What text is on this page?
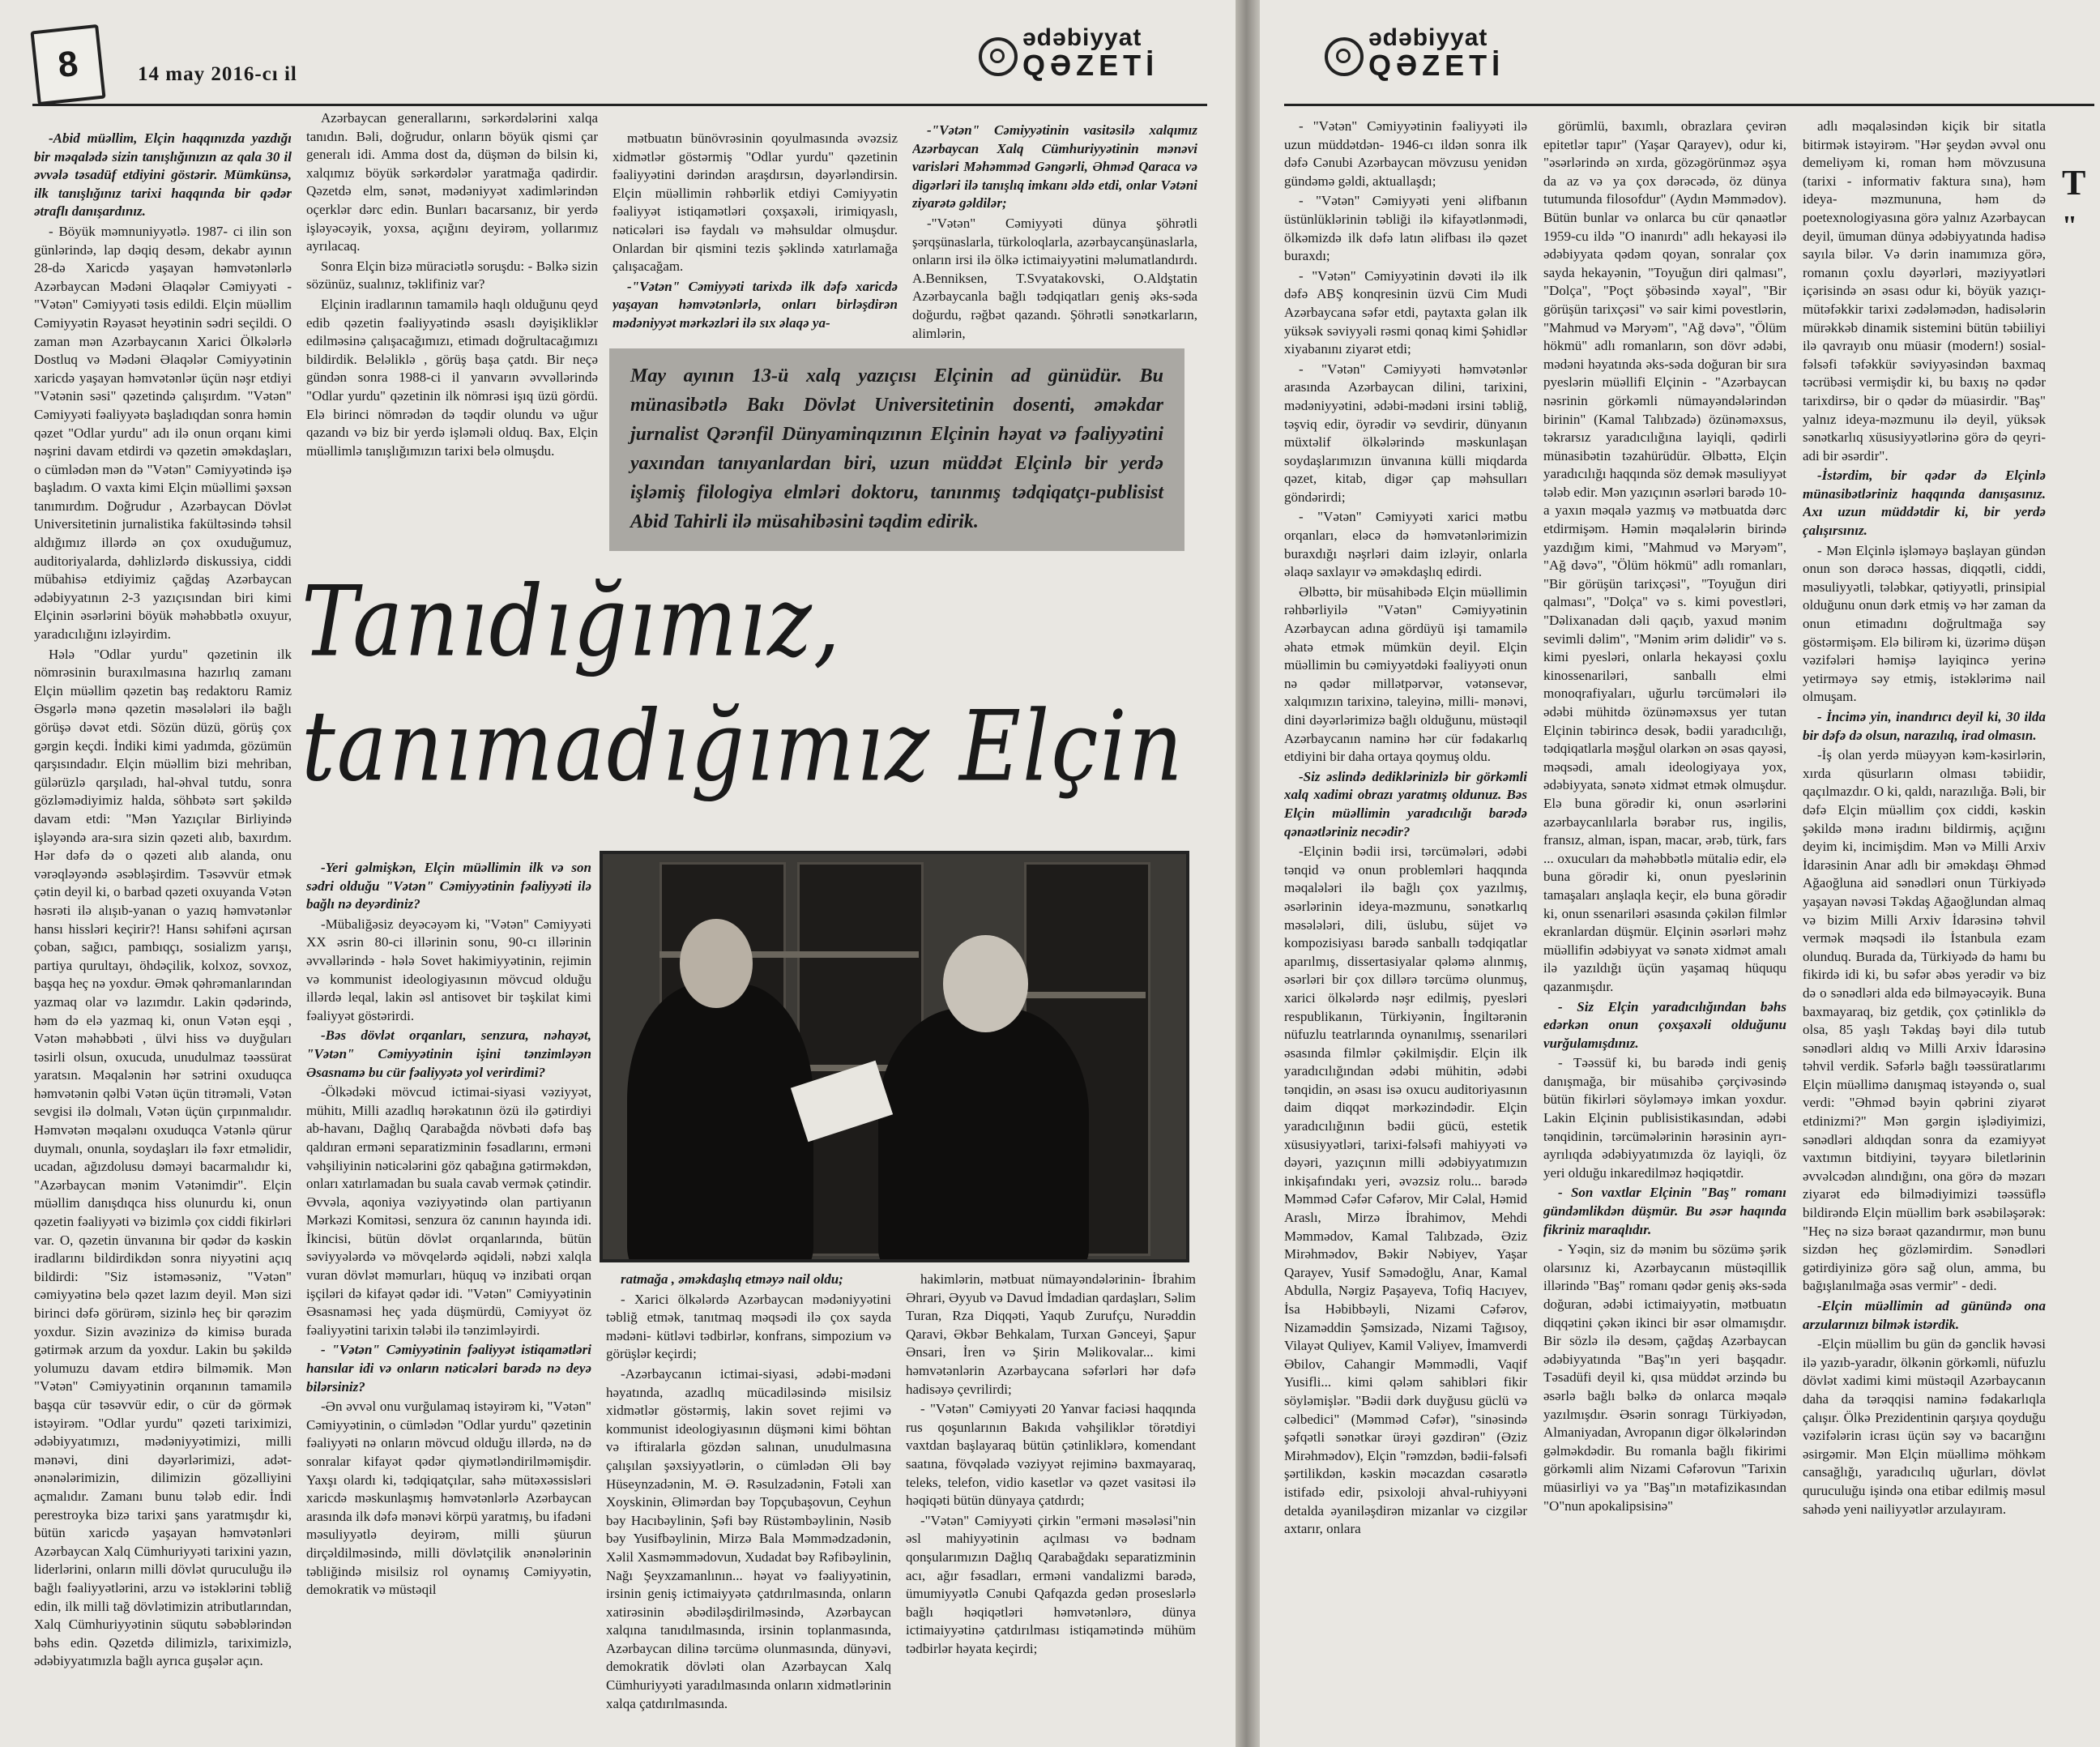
8	14 may 2016-cı il
ədəbiyyat
QƏZETİ

-Abid müəllim, Elçin haqqınızda yazdığı bir məqalədə sizin tanışlığınızın az qala 30 il əvvələ təsadüf etdiyini göstərir. Mümkünsə, ilk tanışlığınız tarixi haqqında bir qədər ətraflı danışardınız.

- Böyük məmnuniyyətlə. 1987- ci ilin son günlərində, lap dəqiq desəm, dekabr ayının 28-də Xaricdə yaşayan həmvətənlərlə Azərbaycan Mədəni Əlaqələr Cəmiyyəti - "Vətən" Cəmiyyəti təsis edildi. Elçin müəllim Cəmiyyətin Rəyasət heyətinin sədri seçildi. O zaman mən Azərbaycanın Xarici Ölkələrlə Dostluq və Mədəni Əlaqələr Cəmiyyətinin xaricdə yaşayan həmvətənlər üçün nəşr etdiyi "Vətənin səsi" qəzetində çalışırdım. "Vətən" Cəmiyyəti fəaliyyətə başladıqdan sonra həmin qəzet "Odlar yurdu" adı ilə onun orqanı kimi nəşrini davam etdirdi və qəzetin əməkdaşları, o cümlədən mən də "Vətən" Cəmiyyətində işə başladım. O vaxta kimi Elçin müəllimi şəxsən tanımırdım. Doğrudur , Azərbaycan Dövlət Universitetinin jurnalistika fakültəsində təhsil aldığımız illərdə ən çox oxuduğumuz, auditoriyalarda, dəhlizlərdə diskussiya, ciddi mübahisə etdiyimiz çağdaş Azərbaycan ədəbiyyatının 2-3 yazıçısından biri kimi Elçinin əsərlərini böyük məhəbbətlə oxuyur, yaradıcılığını izləyirdim.

Hələ "Odlar yurdu" qəzetinin ilk nömrəsinin buraxılmasına hazırlıq zamanı Elçin müəllim qəzetin baş redaktoru Ramiz Əsgərlə mənə qəzetin məsələləri ilə bağlı görüşə dəvət etdi. Sözün düzü, görüş çox gərgin keçdi. İndiki kimi yadımda, gözümün qarşısındadır. Elçin müəllim bizi mehriban, gülərüzlə qarşıladı, hal-əhval tutdu, sonra gözləmədiyimiz halda, söhbətə sərt şəkildə davam etdi: "Mən Yazıçılar Birliyində işləyəndə ara-sıra sizin qəzeti alıb, baxırdım. Hər dəfə də o qəzeti alıb alanda, onu vərəqləyəndə əsəbləşirdim. Təsəvvür etmək çətin deyil ki, o barbad qəzeti oxuyanda Vətən həsrəti ilə alışıb-yanan o yazıq həmvətənlər hansı hissləri keçirir?! Hansı səhifəni açırsan çoban, sağıcı, pambıqçı, sosializm yarışı, partiya qurultayı, öhdəçilik, kolxoz, sovxoz, başqa heç nə yoxdur. Əmək qəhrəmanlarından yazmaq olar və lazımdır. Lakin qədərində, həm də elə yazmaq ki, onun Vətən eşqi , Vətən məhəbbəti , ülvi hiss və duyğuları təsirli olsun, oxucuda, unudulmaz təəssürat yaratsın. Məqalənin hər sətrini oxuduqca həmvətənin qəlbi Vətən üçün titrəməli, Vətən sevgisi ilə dolmalı, Vətən üçün çırpınmalıdır. Həmvətən məqalənı oxuduqca Vətənlə qürur duymalı, onunla, soydaşları ilə fəxr etməlidir, ucadan, ağızdolusu dəməyi bacarmalıdır ki, "Azərbaycan mənim Vətənimdir". Elçin müəllim danışdıqca hiss olunurdu ki, onun qəzetin fəaliyyəti və bizimlə çox ciddi fikirləri var. O, qəzetin ünvanına bir qədər də kəskin iradlarını bildirdikdən sonra niyyətini açıq bildirdi: "Siz istəməsəniz, "Vətən" cəmiyyətinə belə qəzet lazım deyil. Mən sizi birinci dəfə görürəm, sizinlə heç bir qərəzim yoxdur. Sizin avəzinizə də kimisə burada gətirmək arzum da yoxdur. Lakin bu şəkildə yolumuzu davam etdirə bilməmik. Mən "Vətən" Cəmiyyətinin orqanının tamamilə başqa cür təsəvvür edir, o cür də görmək istəyirəm. "Odlar yurdu" qəzeti tariximizi, ədəbiyyatımızı, mədəniyyətimizi, milli mənəvi, dini dəyərlərimizi, adət-ənənələrimizin, dilimizin gözəlliyini açmalıdır. Zamanı bunu tələb edir. İndi perestroyka bizə tarixi şans yaratmışdır ki, bütün xaricdə yaşayan həmvətənləri Azərbaycan Xalq Cümhuriyyəti tarixini yazın, liderlərini, onların milli dövlət quruculuğu ilə bağlı fəaliyyətlərini, arzu və istəklərini təbliğ edin, ilk milli tağ dövlətimizin atributlarından, Xalq Cümhuriyyətinin süqutu səbəblərindən bəhs edin. Qəzetdə dilimizlə, tariximizlə, ədəbiyyatımızla bağlı ayrıca guşələr açın.

Azərbaycan generallarını, sərkərdələrini xalqa tanıdın. Bəli, doğrudur, onların böyük qismi çar generalı idi. Amma dost da, düşmən də bilsin ki, xalqımız böyük sərkərdələr yaratmağa qadirdir. Qəzetdə elm, sənət, mədəniyyət xadimlərindən oçerklər dərc edin. Bunları bacarsanız, bir yerdə işləyəcəyik, yoxsa, açığını deyirəm, yollarımız ayrılacaq.

Sonra Elçin bizə müraciətlə soruşdu: - Bəlkə sizin sözünüz, sualınız, təklifiniz var?

Elçinin iradlarının tamamilə haqlı olduğunu qeyd edib qəzetin fəaliyyətində əsaslı dəyişikliklər edilməsinə çalışacağımızı, etimadı doğrultacağımızı bildirdik. Beləliklə , görüş başa çatdı. Bir neçə gündən sonra 1988-ci il yanvarın əvvəllərində "Odlar yurdu" qəzetinin ilk nömrəsi işıq üzü gördü. Elə birinci nömrədən də təqdir olundu və uğur qazandı və biz bir yerdə işləməli olduq. Bax, Elçin müəllimlə tanışlığımızın tarixi belə olmuşdu.

mətbuatın bünövrəsinin qoyulmasında əvəzsiz xidmətlər göstərmiş "Odlar yurdu" qəzetinin fəaliyyətini dərindən araşdırsın, dəyərləndirsin. Elçin müəllimin rəhbərlik etdiyi Cəmiyyətin fəaliyyət istiqamətləri çoxşaxəli, irimiqyaslı, nəticələri isə faydalı və məhsuldar olmuşdur. Onlardan bir qismini tezis şəklində xatırlamağa çalışacağam.

-"Vətən" Cəmiyyəti tarixdə ilk dəfə xaricdə yaşayan həmvətənlərlə, onları birləşdirən mədəniyyət mərkəzləri ilə sıx əlaqə ya-

-"Vətən" Cəmiyyətinin vasitəsilə xalqımız Azərbaycan Xalq Cümhuriyyətinin mənəvi varisləri Məhəmməd Gəngərli, Əhməd Qaraca və digərləri ilə tanışlıq imkanı əldə etdi, onlar Vətəni ziyarətə gəldilər;

-"Vətən" Cəmiyyəti dünya şöhrətli şərqşünaslarla, türkoloqlarla, azərbaycanşünaslarla, onların irsi ilə ölkə ictimaiyyətini məlumatlandırdı. A.Benniksen, T.Svyatakovski, O.Aldştatin Azərbaycanla bağlı tədqiqatları geniş əks-səda doğurdu, rəğbət qazandı. Şöhrətli sənətkarların, alimlərin,

May ayının 13-ü xalq yazıçısı Elçinin ad günüdür. Bu münasibətlə Bakı Dövlət Universitetinin dosenti, əməkdar jurnalist Qərənfil Dünyaminqızının Elçinin həyat və fəaliyyətini yaxından tanıyanlardan biri, uzun müddət Elçinlə bir yerdə işləmiş filologiya elmləri doktoru, tanınmış tədqiqatçı-publisist Abid Tahirli ilə müsahibəsini təqdim edirik.
Tanıdığımız,
tanımadığımız Elçin

-Yeri gəlmişkən, Elçin müəllimin ilk və son sədri olduğu "Vətən" Cəmiyyətinin fəaliyyəti ilə bağlı nə deyərdiniz?

-Mübaliğəsiz deyəcəyəm ki, "Vətən" Cəmiyyəti XX əsrin 80-ci illərinin sonu, 90-cı illərinin əvvəllərində - hələ Sovet hakimiyyətinin, rejimin və kommunist ideologiyasının mövcud olduğu illərdə leqal, lakin əsl antisovet bir təşkilat kimi fəaliyyət göstərirdi.

-Bəs dövlət orqanları, senzura, nəhayət, "Vətən" Cəmiyyətinin işini tənzimləyən Əsasnamə bu cür fəaliyyətə yol verirdimi?

-Ölkədəki mövcud ictimai-siyasi vəziyyət, mühitı, Milli azadlıq hərəkatının özü ilə gətirdiyi ab-havanı, Dağlıq Qarabağda növbəti dəfə baş qaldıran erməni separatizminin fəsadlarını, erməni vəhşiliyinin nəticələrini göz qabağına gətirməkdən, onları xatırlamadan bu suala cavab vermək çətindir. Əvvəla, aqoniya vəziyyətində olan partiyanın Mərkəzi Komitəsi, senzura öz canının hayında idi. İkincisi, bütün dövlət orqanlarında, bütün səviyyələrdə və mövqelərdə əqidəli, nəbzi xalqla vuran dövlət məmurları, hüquq və inzibati orqan işçiləri də kifayət qədər idi. "Vətən" Cəmiyyətinin Əsasnaməsi heç yada düşmürdü, Cəmiyyət öz fəaliyyətini tarixin tələbi ilə tənzimləyirdi.

- "Vətən" Cəmiyyətinin fəaliyyət istiqamətləri hansılar idi və onların nəticələri barədə nə deyə bilərsiniz?

-Ən əvvəl onu vurğulamaq istəyirəm ki, "Vətən" Cəmiyyətinin, o cümlədən "Odlar yurdu" qəzetinin fəaliyyəti nə onların mövcud olduğu illərdə, nə də sonralar kifayət qədər qiymətləndirilməmişdir. Yaxşı olardı ki, tədqiqatçılar, sahə mütəxəssisləri xaricdə məskunlaşmış həmvətənlərlə Azərbaycan arasında ilk dəfə mənəvi körpü yaratmış, bu ifadəni məsuliyyətlə deyirəm, milli şüurun dirçəldilməsində, milli dövlətçilik ənənələrinin təbliğində misilsiz rol oynamış Cəmiyyətin, demokratik və müstəqil

ratmağa , əməkdaşlıq etməyə nail oldu;

- Xarici ölkələrdə Azərbaycan mədəniyyətini təbliğ etmək, tanıtmaq məqsədi ilə çox sayda mədəni- kütləvi tədbirlər, konfrans, simpozium və görüşlər keçirdi;

-Azərbaycanın ictimai-siyasi, ədəbi-mədəni həyatında, azadlıq mücadiləsində misilsiz xidmətlər göstərmiş, lakin sovet rejimi və kommunist ideologiyasının düşməni kimi böhtan və iftiralarla gözdən salınan, unudulmasına çalışılan şəxsiyyətlərin, o cümlədən Əli bəy Hüseynzadənin, M. Ə. Rəsulzadənin, Fətəli xan Xoyskinin, Əlimərdan bəy Topçubaşovun, Ceyhun bəy Hacıbəylinin, Şəfi bəy Rüstəmbəylinin, Nəsib bəy Yusifbəylinin, Mirzə Bala Məmmədzadənin, Xəlil Xasməmmədovun, Xudadat bəy Rəfibəylinin, Nağı Şeyxzamanlının... həyat və fəaliyyətinin, irsinin geniş ictimaiyyətə çatdırılmasında, onların xatirəsinin əbədiləşdirilməsində, Azərbaycan xalqına tanıdılmasında, irsinin toplanmasında, Azərbaycan dilinə tərcümə olunmasında, dünyəvi, demokratik dövləti olan Azərbaycan Xalq Cümhuriyyəti yaradılmasında onların xidmətlərinin xalqa çatdırılmasında.

hakimlərin, mətbuat nümayəndələrinin- İbrahim Əhrari, Əyyub və Davud İmdadian qardaşları, Səlim Turan, Rza Diqqəti, Yaqub Zurufçu, Nurəddin Qaravi, Əkbər Behkalam, Turxan Gənceyi, Şapur Ənsari, İren və Şirin Məlikovalar... kimi həmvətənlərin Azərbaycana səfərləri hər dəfə hadisəyə çevrilirdi;

- "Vətən" Cəmiyyəti 20 Yanvar faciəsi haqqında rus qoşunlarının Bakıda vəhşiliklər törətdiyi vaxtdan başlayaraq bütün çətinliklərə, komendant saatına, fövqəladə vəziyyət rejiminə baxmayaraq, teleks, telefon, vidio kasetlər və qəzet vasitəsi ilə həqiqəti bütün dünyaya çatdırdı;

-"Vətən" Cəmiyyəti çirkin "erməni məsələsi"nin əsl mahiyyətinin açılması və bədnam qonşularımızın Dağlıq Qarabağdakı separatizminin acı, ağır fəsadları, erməni vandalizmi barədə, ümumiyyətlə Cənubi Qafqazda gedən proseslərlə bağlı həqiqətləri həmvətənlərə, dünya ictimaiyyətinə çatdırılması istiqamətində mühüm tədbirlər həyata keçirdi;

ədəbiyyat
QƏZETİ

- "Vətən" Cəmiyyətinin fəaliyyəti ilə uzun müddətdən- 1946-cı ildən sonra ilk dəfə Cənubi Azərbaycan mövzusu yenidən gündəmə gəldi, aktuallaşdı;

- "Vətən" Cəmiyyəti yeni əlifbanın üstünlüklərinin təbliği ilə kifayətlənmədi, ölkəmizdə ilk dəfə latın əlifbası ilə qəzet buraxdı;

- "Vətən" Cəmiyyətinin dəvəti ilə ilk dəfə ABŞ konqresinin üzvü Cim Mudi Azərbaycana səfər etdi, paytaxta gəlan ilk yüksək səviyyəli rəsmi qonaq kimi Şəhidlər xiyabanını ziyarət etdi;

- "Vətən" Cəmiyyəti həmvətənlər arasında Azərbaycan dilini, tarixini, mədəniyyətini, ədəbi-mədəni irsini təbliğ, təşviq edir, öyrədir və sevdirir, dünyanın müxtəlif ölkələrində məskunlaşan soydaşlarımızın ünvanına külli miqdarda qəzet, kitab, digər çap məhsulları göndərirdi;

- "Vətən" Cəmiyyəti xarici mətbu orqanları, eləcə də həmvətənlərimizin buraxdığı nəşrləri daim izləyir, onlarla əlaqə saxlayır və əməkdaşlıq edirdi.

Əlbəttə, bir müsahibədə Elçin müəllimin rəhbərliyilə "Vətən" Cəmiyyətinin Azərbaycan adına gördüyü işi tamamilə əhatə etmək mümkün deyil. Elçin müəllimin bu cəmiyyətdəki fəaliyyəti onun nə qədər millətpərvər, vətənsevər, xalqımızın tarixinə, taleyinə, milli- mənəvi, dini dəyərlərimizə bağlı olduğunu, müstəqil Azərbaycanın naminə hər cür fədakarlıq etdiyini bir daha ortaya qoymuş oldu.

-Siz əslində dediklərinizlə bir görkəmli xalq xadimi obrazı yaratmış oldunuz. Bəs Elçin müəllimin yaradıcılığı barədə qənaətləriniz necədir?

-Elçinin bədii irsi, tərcümələri, ədəbi tənqid və onun problemləri haqqında məqalələri ilə bağlı çox yazılmış, əsərlərinin ideya-məzmunu, sənətkarlıq məsələləri, dili, üslubu, süjet və kompozisiyası barədə sanballı tədqiqatlar aparılmış, dissertasiyalar qələmə alınmış, əsərləri bir çox dillərə tərcümə olunmuş, xarici ölkələrdə nəşr edilmiş, pyesləri respublikanın, Türkiyənin, İngiltərənin nüfuzlu teatrlarında oynanılmış, ssenariləri əsasında filmlər çəkilmişdir. Elçin ilk yaradıcılığından ədəbi mühitin, ədəbi tənqidin, ən əsası isə oxucu auditoriyasının daim diqqət mərkəzindədir. Elçin yaradıcılığının bədii gücü, estetik xüsusiyyətləri, tarixi-fəlsəfi mahiyyəti və dəyəri, yazıçının milli ədəbiyyatımızın inkişafındakı yeri, əvəzsiz rolu... barədə Məmməd Cəfər Cəfərov, Mir Cəlal, Həmid Araslı, Mirzə İbrahimov, Mehdi Məmmədov, Kamal Talıbzadə, Əziz Mirəhmədov, Bəkir Nəbiyev, Yaşar Qarayev, Yusif Səmədoğlu, Anar, Kamal Abdulla, Nərgiz Paşayeva, Tofiq Hacıyev, İsa Həbibbəyli, Nizami Cəfərov, Nizaməddin Şəmsizadə, Nizami Tağısoy, Vilayət Quliyev, Kamil Vəliyev, İmamverdi Əbilov, Cahangir Məmmədli, Vaqif Yusifli... kimi qələm sahibləri fikir söyləmişlər. "Bədii dərk duyğusu güclü və cəlbedici" (Məmməd Cəfər), "sinəsində şəfqətli sənətkar ürəyi gəzdirən" (Əziz Mirəhmədov), Elçin "rəmzdən, bədii-fəlsəfi şərtilikdən, kəskin məcazdan cəsarətlə istifadə edir, psixoloji ahval-ruhiyyəni detalda əyaniləşdirən mizanlar və cizgilər axtarır, onlara

görümlü, baxımlı, obrazlara çevirən epitetlər tapır" (Yaşar Qarayev), odur ki, "əsərlərində ən xırda, gözəgörünməz əşya da az və ya çox dərəcədə, öz dünya tutumunda filosofdur" (Aydın Məmmədov). Bütün bunlar və onlarca bu cür qənaətlər 1959-cu ildə "O inanırdı" adlı hekayəsi ilə ədəbiyyata qədəm qoyan, sonralar çox sayda hekayənin, "Toyuğun diri qalması", "Dolça", "Poçt şöbəsində xəyal", "Bir görüşün tarixçəsi" və sair kimi povestlərin, "Mahmud və Məryəm", "Ağ dəvə", "Ölüm hökmü" adlı romanların, son dövr ədəbi, mədəni həyatında əks-səda doğuran bir sıra pyeslərin müəllifi Elçinin - "Azərbaycan nəsrinin görkəmli nümayəndələrindən birinin" (Kamal Talıbzadə) özünəməxsus, təkrarsız yaradıcılığına layiqli, qədirli münasibətin təzahürüdür. Əlbəttə, Elçin yaradıcılığı haqqında söz demək məsuliyyət tələb edir. Mən yazıçının əsərləri barədə 10-a yaxın məqalə yazmış və mətbuatda dərc etdirmişəm. Həmin məqalələrin birində yazdığım kimi, "Mahmud və Məryəm", "Ağ dəvə", "Ölüm hökmü" adlı romanları, "Bir görüşün tarixçəsi", "Toyuğun diri qalması", "Dolça" və s. kimi povestləri, "Dəlixanadan dəli qaçıb, yaxud mənim sevimli dəlim", "Mənim ərim dəlidir" və s. kimi pyesləri, onlarla hekayəsi çoxlu kinossenariləri, sanballı elmi monoqrafiyaları, uğurlu tərcümələri ilə ədəbi mühitdə özünəməxsus yer tutan Elçinin təbirincə desək, bədii yaradıcılığı, tədqiqatlarla məşğul olarkən ən əsas qayəsi, məqsədi, amalı ideologiyaya yox, ədəbiyyata, sənətə xidmət etmək olmuşdur. Elə buna görədir ki, onun əsərlərini azərbaycanlılarla bərabər rus, ingilis, fransız, alman, ispan, macar, ərəb, türk, fars ... oxucuları da məhəbbətlə mütaliə edir, elə buna görədir ki, onun pyeslərinin tamaşaları anşlaqla keçir, elə buna görədir ki, onun ssenariləri əsasında çəkilən filmlər ekranlardan düşmür. Elçinin əsərləri məhz müəllifin ədəbiyyat və sənətə xidmət amalı ilə yazıldığı üçün yaşamaq hüququ qazanmışdır.

- Siz Elçin yaradıcılığından bəhs edərkən onun çoxşaxəli olduğunu vurğulamışdınız.

- Təəssüf ki, bu barədə indi geniş danışmağa, bir müsahibə çərçivəsində bütün fikirləri söyləməyə imkan yoxdur. Lakin Elçinin publisistikasından, ədəbi tənqidinin, tərcümələrinin hərəsinin ayrı-ayrılıqda ədəbiyyatımızda öz layiqli, öz yeri olduğu inkaredilməz həqiqətdir.

- Son vaxtlar Elçinin "Baş" romanı gündəmlikdən düşmür. Bu əsər haqında fikriniz maraqlıdır.

- Yəqin, siz də mənim bu sözümə şərik olarsınız ki, Azərbaycanın müstəqillik illərində "Baş" romanı qədər geniş əks-səda doğuran, ədəbi ictimaiyyətin, mətbuatın diqqətini çəkən ikinci bir əsər olmamışdır. Bir sözlə ilə desəm, çağdaş Azərbaycan ədəbiyyatında "Baş"ın yeri başqadır. Təsadüfi deyil ki, qısa müddət ərzində bu əsərlə bağlı bəlkə də onlarca məqalə yazılmışdır. Əsərin sonragı Türkiyədən, Almaniyadan, Avropanın digər ölkələrindən gəlməkdədir. Bu romanla bağlı fikirimi görkəmli alim Nizami Cəfərovun "Tarixin müasirliyi və ya "Baş"ın mətafizikasından "O"nun apokalipsisinə"

adlı məqaləsindən kiçik bir sitatla bitirmək istəyirəm. "Hər şeydən əvvəl onu demeliyəm ki, roman həm mövzusuna (tarixi - informativ faktura sına), həm ideya- məzmununa, həm də poetexnologiyasına görə yalnız Azərbaycan deyil, ümuman dünya ədəbiyyatında hadisə sayıla bilər. Və dərin inamımıza görə, romanın çoxlu dəyərləri, məziyyətləri içərisində ən əsası odur ki, böyük yazıçı-mütəfəkkir tarixi zədələmədən, hadisələrin mürəkkəb dinamik sistemini bütün təbiiliyi ilə qavrayıb onu müasir (modern!) sosial-fəlsəfi təfəkkür səviyyəsindən baxmaq təcrübəsi vermişdir ki, bu baxış nə qədər tarixdirsə, bir o qədər də müasirdir. "Baş" yalnız ideya-məzmunu ilə deyil, yüksək sənətkarlıq xüsusiyyətlərinə görə də qeyri-adi bir əsərdir".

-İstərdim, bir qədər də Elçinlə münasibətləriniz haqqında danışasınız. Axı uzun müddətdir ki, bir yerdə çalışırsınız.

- Mən Elçinlə işləməyə başlayan gündən onun son dərəcə həssas, diqqətli, ciddi, məsuliyyətli, tələbkar, qətiyyətli, prinsipial olduğunu onun dərk etmiş və hər zaman da onun etimadını doğrultmağa səy göstərmişəm. Elə bilirəm ki, üzərimə düşən vəzifələri həmişə layiqincə yerinə yetirməyə səy etmiş, istəklərimə nail olmuşam.

- İncimə yin, inandırıcı deyil ki, 30 ilda bir dəfə də olsun, narazılıq, irad olmasın.

-İş olan yerdə müəyyən kəm-kəsirlərin, xırda qüsurların olması təbiidir, qaçılmazdır. O ki, qaldı, narazılığa. Bəli, bir dəfə Elçin müəllim çox ciddi, kəskin şəkildə mənə iradını bildirmiş, açığını deyim ki, incimişdim. Mən və Milli Arxiv İdarəsinin Anar adlı bir əməkdaşı Əhməd Ağaoğluna aid sənədləri onun Türkiyədə yaşayan nəvəsi Təkdaş Ağaoğlundan almaq və bizim Milli Arxiv İdarəsinə təhvil vermək məqsədi ilə İstanbula ezam olunduq. Burada da, Türkiyədə də hamı bu fikirdə idi ki, bu səfər əbəs yerədir və biz də o sənədləri alda edə bilməyəcəyik. Buna baxmayaraq, biz getdik, çox çətinliklə də olsa, 85 yaşlı Təkdaş bəyi dilə tutub sənədləri aldıq və Milli Arxiv İdarəsinə təhvil verdik. Səfərlə bağlı təəssüratlarımı Elçin müəllimə danışmaq istəyəndə o, sual verdi: "Əhməd bəyin qəbrini ziyarət etdinizmi?" Mən gərgin işlədiyimizi, sənədləri aldıqdan sonra da ezamiyyət vaxtımın bitdiyini, təyyarə biletlərinin əvvəlcədən alındığını, ona görə də məzarı ziyarət edə bilmədiyimizi təəssüflə bildirəndə Elçin müəllim bərk əsəbiləşərək: "Heç nə sizə bəraət qazandırmır, mən bunu sizdən heç gözləmirdim. Sənədləri gətirdiyinizə görə sağ olun, amma, bu bağışlanılmağa əsas vermir" - dedi.

-Elçin müəllimin ad günündə ona arzularınızı bilmək istərdik.

-Elçin müəllim bu gün də gənclik həvəsi ilə yazıb-yaradır, ölkənin görkəmli, nüfuzlu dövlət xadimi kimi müstəqil Azərbaycanın daha da tərəqqisi naminə fədakarlıqla çalışır. Ölkə Prezidentinin qarşıya qoyduğu vəzifələrin icrası üçün səy və bacarığını əsirgəmir. Mən Elçin müəllimə möhkəm cansağlığı, yaradıcılıq uğurları, dövlət quruculuğu işində ona etibar edilmiş məsul sahədə yeni nailiyyətlər arzulayıram.

T
"
